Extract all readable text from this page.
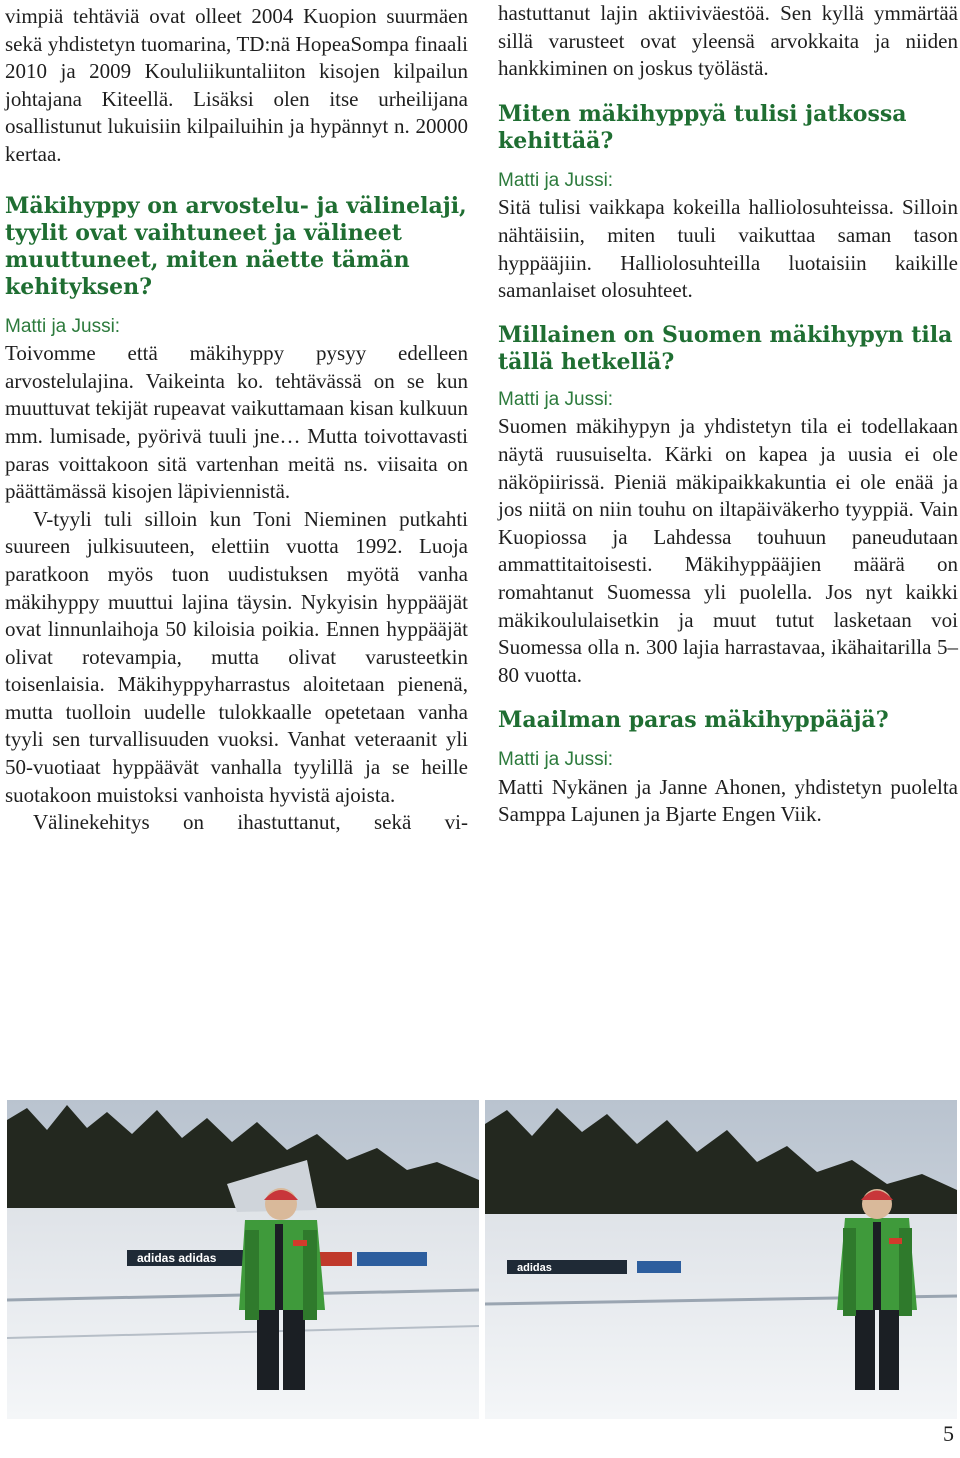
vimpiä tehtäviä ovat olleet 2004 Kuopion suurmäen sekä yhdistetyn tuomarina, TD:nä HopeaSompa finaali 2010 ja 2009 Koululiikuntaliiton kisojen kilpailun johtajana Kiteellä. Lisäksi olen itse urheilijana osallistunut lukuisiin kilpailuihin ja hypännyt n. 20000 kertaa.

Mäkihyppy on arvostelu- ja välinelaji, tyylit ovat vaihtuneet ja välineet muuttuneet, miten näette tämän kehityksen?
Matti ja Jussi:

Toivomme että mäkihyppy pysyy edelleen arvostelulajina. Vaikeinta ko. tehtävässä on se kun muuttuvat tekijät rupeavat vaikuttamaan kisan kulkuun mm. lumisade, pyörivä tuuli jne… Mutta toivottavasti paras voittakoon sitä vartenhan meitä ns. viisaita on päättämässä kisojen läpiviennistä.

V-tyyli tuli silloin kun Toni Nieminen putkahti suureen julkisuuteen, elettiin vuotta 1992. Luoja paratkoon myös tuon uudistuksen myötä vanha mäkihyppy muuttui lajina täysin. Nykyisin hyppääjät ovat linnunlaihoja 50 kiloisia poikia. Ennen hyppääjät olivat rotevampia, mutta olivat varusteetkin toisenlaisia. Mäkihyppyharrastus aloitetaan pienenä, mutta tuolloin uudelle tulokkaalle opetetaan vanha tyyli sen turvallisuuden vuoksi. Vanhat veteraanit yli 50-vuotiaat hyppäävät vanhalla tyylillä ja se heille suotakoon muistoksi vanhoista hyvistä ajoista.

Välinekehitys on ihastuttanut, sekä vi-

hastuttanut lajin aktiiviväestöä. Sen kyllä ymmärtää sillä varusteet ovat yleensä arvokkaita ja niiden hankkiminen on joskus työlästä.

Miten mäkihyppyä tulisi jatkossa kehittää?
Matti ja Jussi:

Sitä tulisi vaikkapa kokeilla halliolosuhteissa. Silloin nähtäisiin, miten tuuli vaikuttaa saman tason hyppääjiin. Halliolosuhteilla luotaisiin kaikille samanlaiset olosuhteet.

Millainen on Suomen mäkihypyn tila tällä hetkellä?
Matti ja Jussi:

Suomen mäkihypyn ja yhdistetyn tila ei todellakaan näytä ruusuiselta. Kärki on kapea ja uusia ei ole näköpiirissä. Pieniä mäkipaikkakuntia ei ole enää ja jos niitä on niin touhu on iltapäiväkerho tyyppiä. Vain Kuopiossa ja Lahdessa touhuun paneudutaan ammattitaitoisesti. Mäkihyppääjien määrä on romahtanut Suomessa yli puolella. Jos nyt kaikki mäkikoululaisetkin ja muut tutut lasketaan voi Suomessa olla n. 300 lajia harrastavaa, ikähaitarilla 5–80 vuotta.

Maailman paras mäkihyppääjä?
Matti ja Jussi:

Matti Nykänen ja Janne Ahonen, yhdistetyn puolelta Samppa Lajunen ja Bjarte Engen Viik.

adidas adidas
adidas
5
